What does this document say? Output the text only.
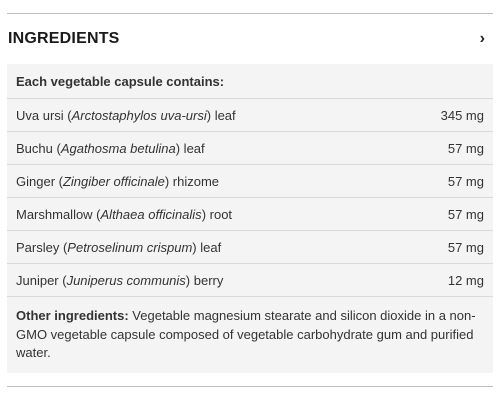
INGREDIENTS	›
Each vegetable capsule contains:
Uva ursi (Arctostaphylos uva-ursi) leaf	345 mg
Buchu (Agathosma betulina) leaf	57 mg
Ginger (Zingiber officinale) rhizome	57 mg
Marshmallow (Althaea officinalis) root	57 mg
Parsley (Petroselinum crispum) leaf	57 mg
Juniper (Juniperus communis) berry	12 mg
Other ingredients: Vegetable magnesium stearate and silicon dioxide in a non-GMO vegetable capsule composed of vegetable carbohydrate gum and purified water.
